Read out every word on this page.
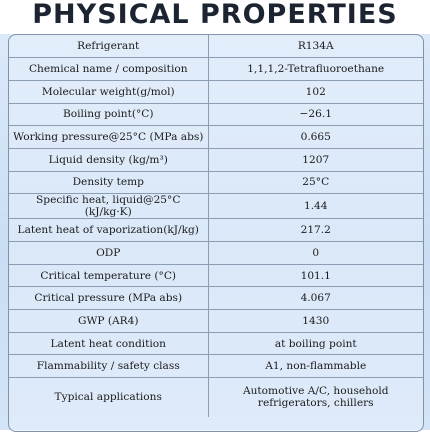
PHYSICAL PROPERTIES
Refrigerant	R134A
Chemical name / composition	1,1,1,2-Tetrafluoroethane
Molecular weight(g/mol)	102
Boiling point(°C)	−26.1
Working pressure@25°C (MPa abs)	0.665
Liquid density (kg/m³)	1207
Density temp	25°C
Specific heat, liquid@25°C (kJ/kg·K)	1.44
Latent heat of vaporization(kJ/kg)	217.2
ODP	0
Critical temperature (°C)	101.1
Critical pressure (MPa abs)	4.067
GWP (AR4)	1430
Latent heat condition	at boiling point
Flammability / safety class	A1, non-flammable
Typical applications	Automotive A/C, household refrigerators, chillers
